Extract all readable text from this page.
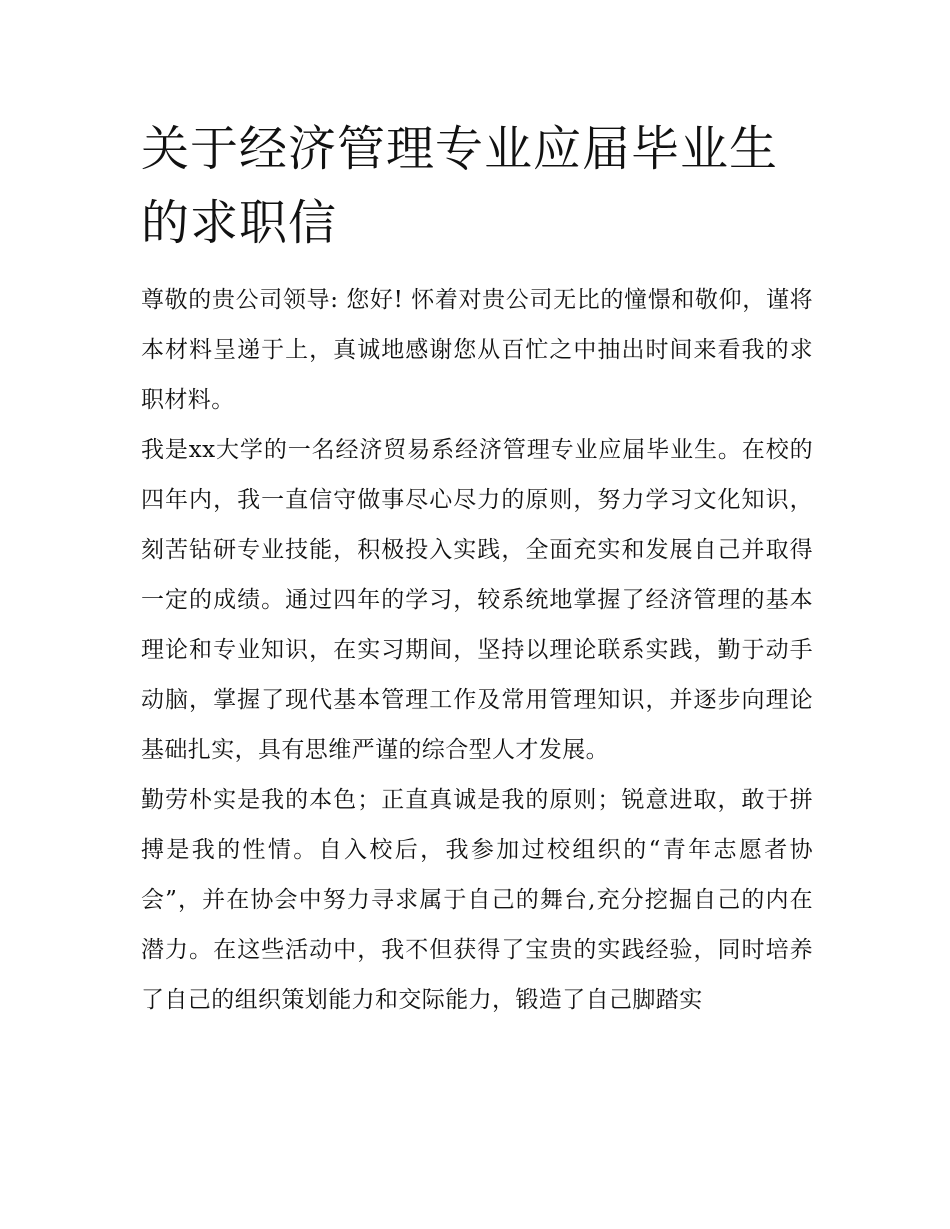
关于经济管理专业应届毕业生的求职信

尊敬的贵公司领导: 您好! 怀着对贵公司无比的憧憬和敬仰，谨将本材料呈递于上，真诚地感谢您从百忙之中抽出时间来看我的求职材料。

我是xx大学的一名经济贸易系经济管理专业应届毕业生。在校的四年内，我一直信守做事尽心尽力的原则，努力学习文化知识，刻苦钻研专业技能，积极投入实践，全面充实和发展自己并取得一定的成绩。通过四年的学习，较系统地掌握了经济管理的基本理论和专业知识，在实习期间，坚持以理论联系实践，勤于动手动脑，掌握了现代基本管理工作及常用管理知识，并逐步向理论基础扎实，具有思维严谨的综合型人才发展。

勤劳朴实是我的本色；正直真诚是我的原则；锐意进取，敢于拼搏是我的性情。自入校后，我参加过校组织的“青年志愿者协会”，并在协会中努力寻求属于自己的舞台,充分挖掘自己的内在潜力。在这些活动中，我不但获得了宝贵的实践经验，同时培养了自己的组织策划能力和交际能力，锻造了自己脚踏实
